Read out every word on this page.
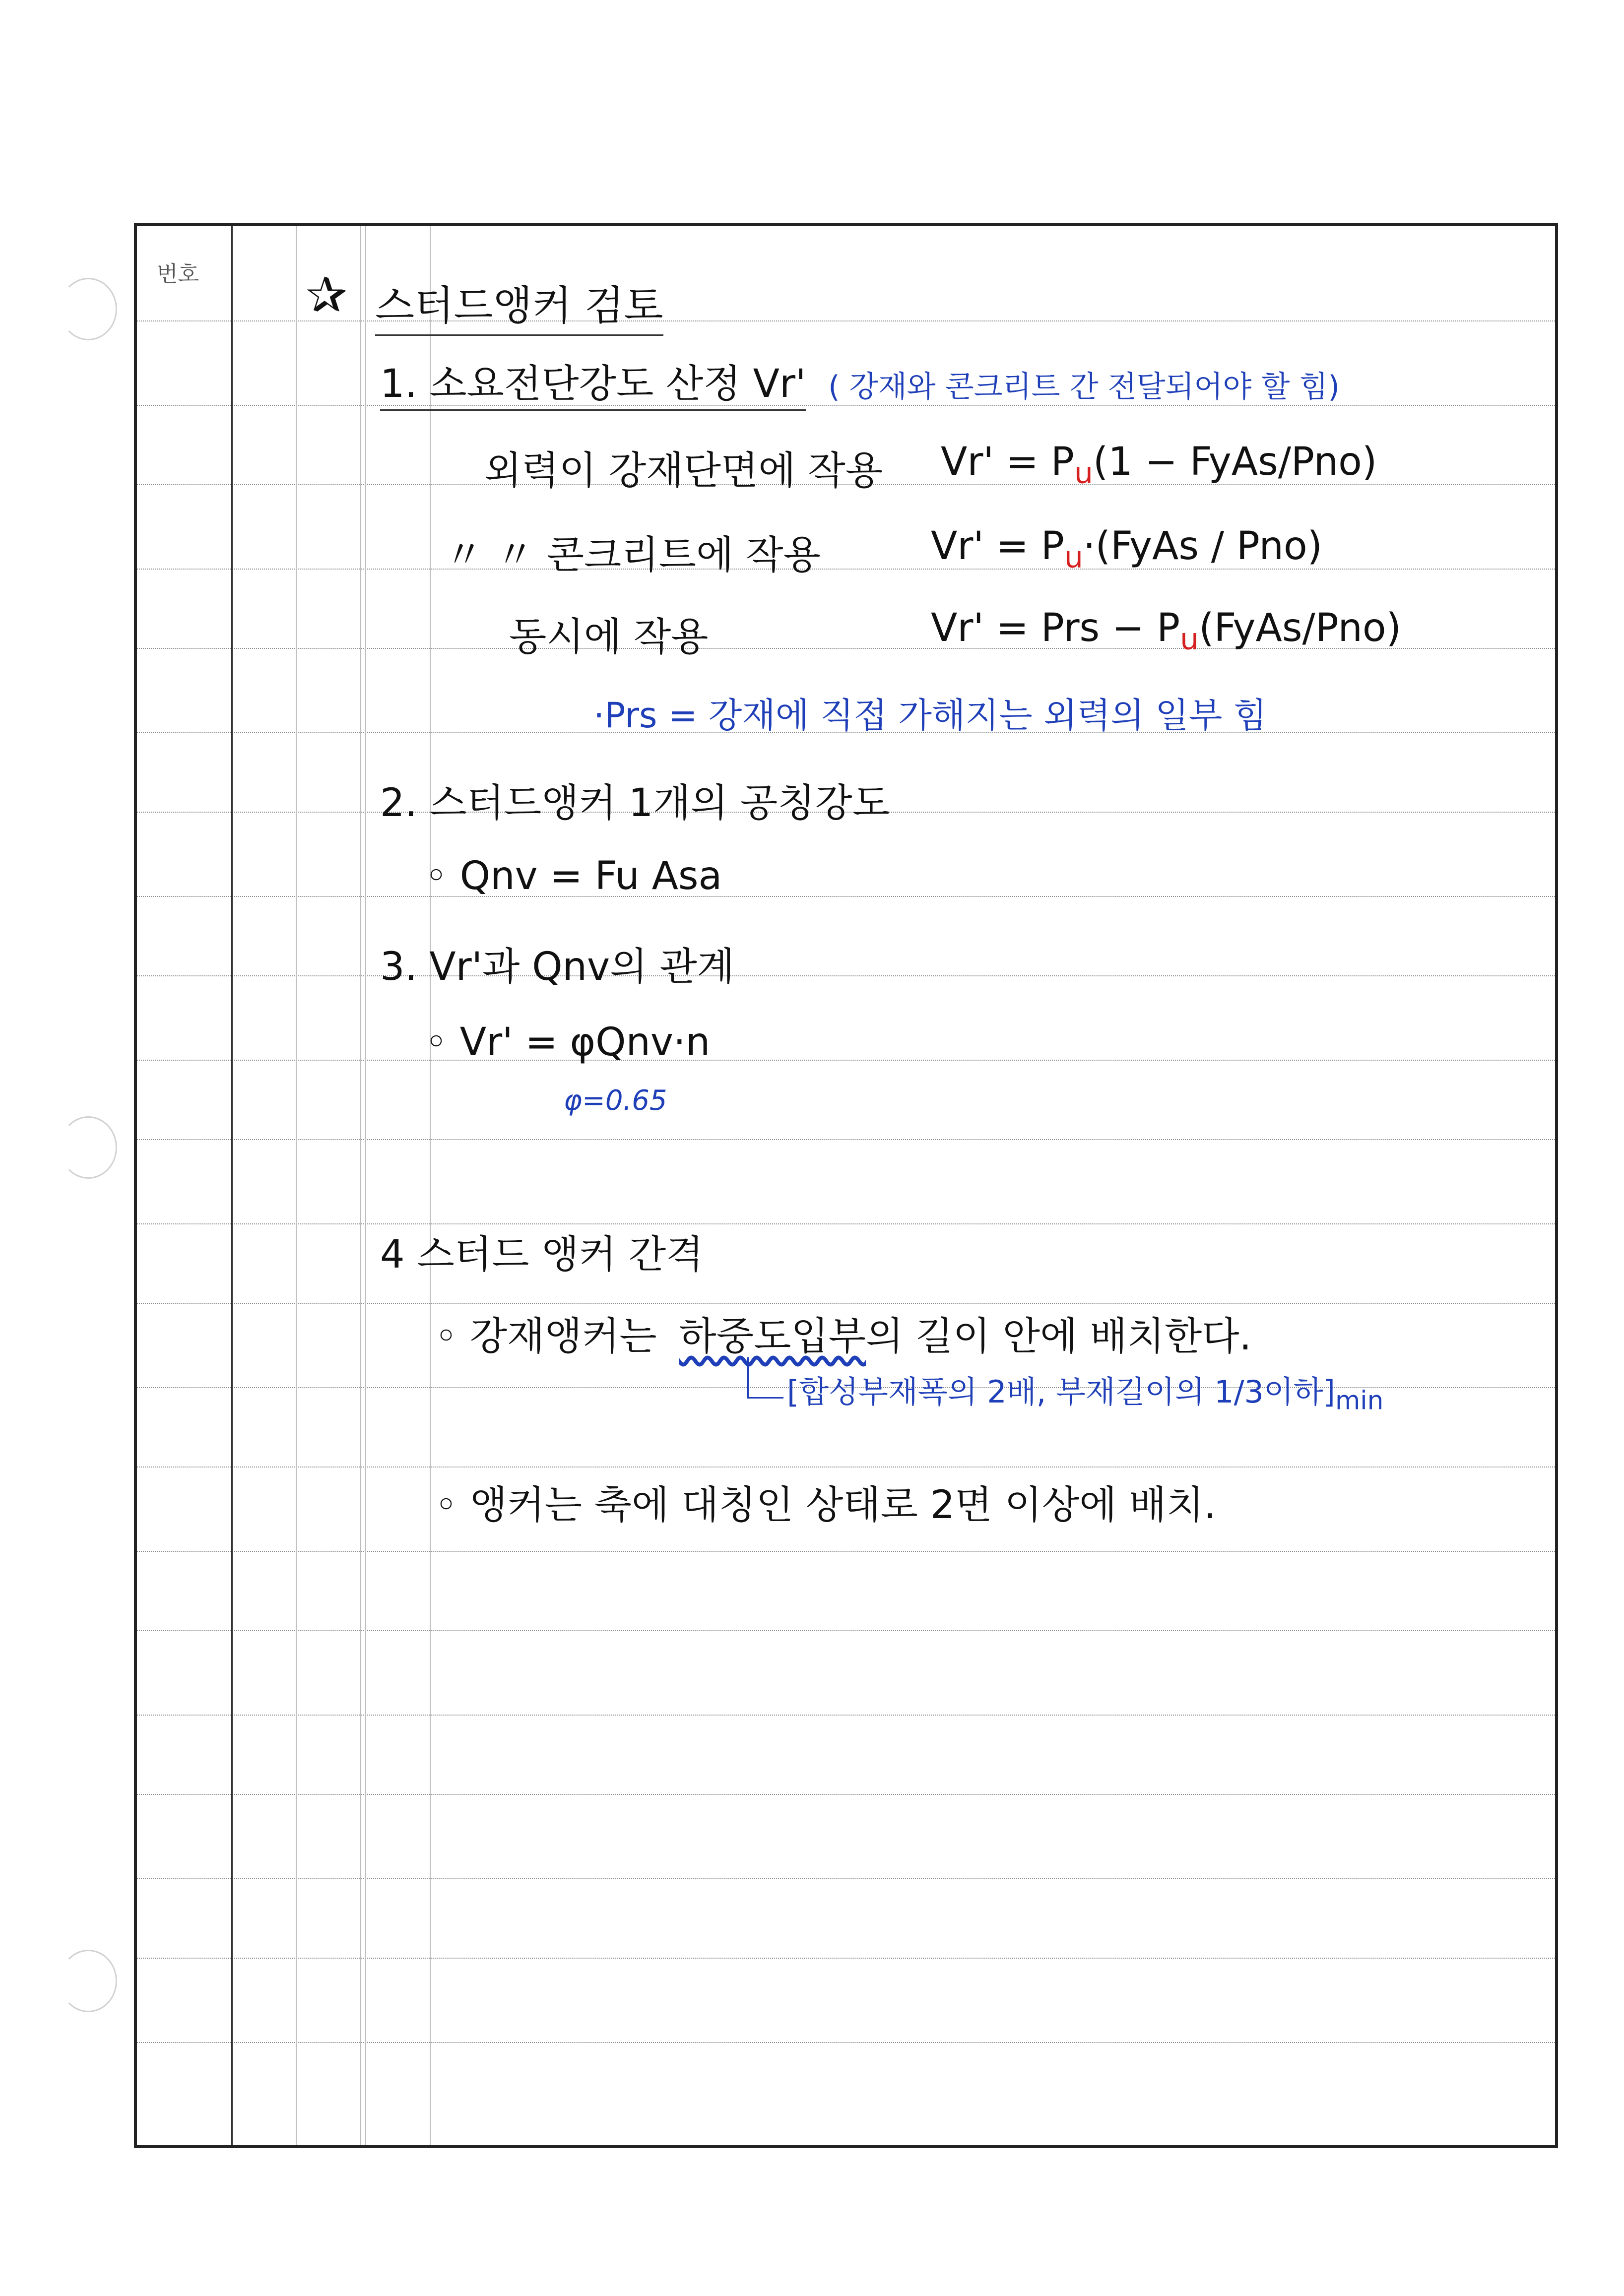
번호 ✰ 스터드앵커 검토
1. 소요전단강도 산정 Vr' ( 강재와 콘크리트 간 전달되어야 할 힘)
외력이 강재단면에 작용 $Vr' = P_u(1$ − FyAs/Pno)
〃 〃 콘크리트에 작용	$Vr' = P_u\cdot(FyAs / Pno)$
동시에 작용	Vr' = Prs − $P_u(FyAs/Pno)$
·Prs = 강재에 직접 가해지는 외력의 일부 힘
2. 스터드앵커 1개의 공칭강도
◦ Qnv = Fu Asa
3. Vr'과 Qnv의 관계
◦ Vr' = φQnv·n
φ=0.65
4 스터드 앵커 간격
◦ 강재앵커는 하중도입부의 길이 안에 배치한다.
[합성부재폭의 2배, 부재길이의 1/3이하]$_{min}$
◦ 앵커는 축에 대칭인 상태로 2면 이상에 배치.
